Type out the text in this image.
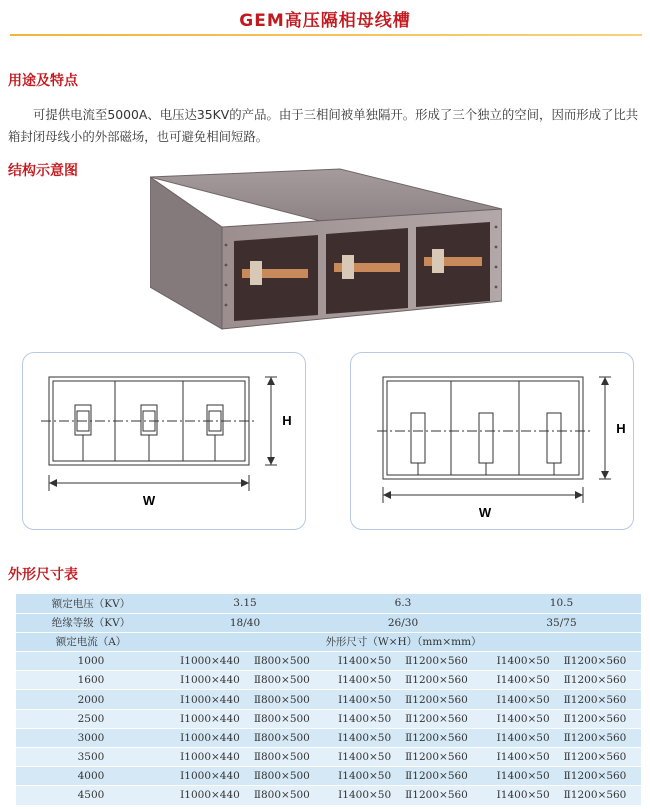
GEM高压隔相母线槽
用途及特点
可提供电流至5000A、电压达35KV的产品。由于三相间被单独隔开。形成了三个独立的空间，因而形成了比共箱封闭母线小的外部磁场，也可避免相间短路。
结构示意图
W
H
W
H
外形尺寸表
额定电压（KV）	3.15	6.3	10.5
绝缘等级（KV）	18/40	26/30	35/75
额定电流（A）	外形尺寸（W×H）（mm×mm）		
1000	Ⅰ1000×440 Ⅱ800×500	Ⅰ1400×50 Ⅱ1200×560	Ⅰ1400×50 Ⅱ1200×560
1600	Ⅰ1000×440 Ⅱ800×500	Ⅰ1400×50 Ⅱ1200×560	Ⅰ1400×50 Ⅱ1200×560
2000	Ⅰ1000×440 Ⅱ800×500	Ⅰ1400×50 Ⅱ1200×560	Ⅰ1400×50 Ⅱ1200×560
2500	Ⅰ1000×440 Ⅱ800×500	Ⅰ1400×50 Ⅱ1200×560	Ⅰ1400×50 Ⅱ1200×560
3000	Ⅰ1000×440 Ⅱ800×500	Ⅰ1400×50 Ⅱ1200×560	Ⅰ1400×50 Ⅱ1200×560
3500	Ⅰ1000×440 Ⅱ800×500	Ⅰ1400×50 Ⅱ1200×560	Ⅰ1400×50 Ⅱ1200×560
4000	Ⅰ1000×440 Ⅱ800×500	Ⅰ1400×50 Ⅱ1200×560	Ⅰ1400×50 Ⅱ1200×560
4500	Ⅰ1000×440 Ⅱ800×500	Ⅰ1400×50 Ⅱ1200×560	Ⅰ1400×50 Ⅱ1200×560
